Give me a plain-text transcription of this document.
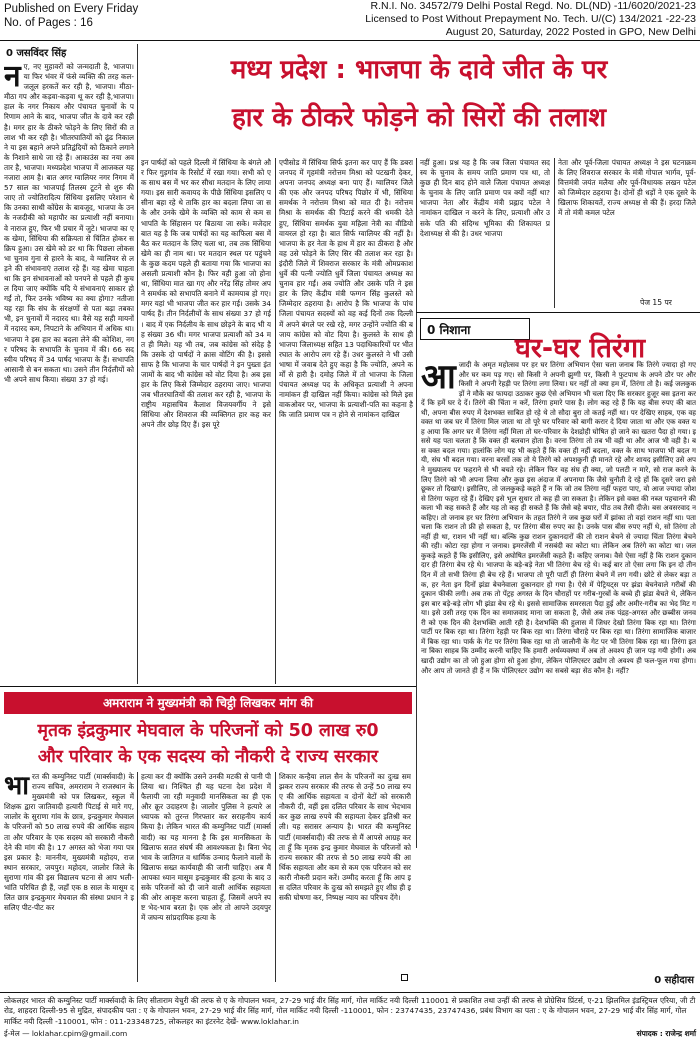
Published on Every Friday
No. of Pages : 16
R.N.I. No. 34572/79 Delhi Postal Regd. No. DL(ND) -11/6020/2021-23
Licensed to Post Without Prepayment No. Tech. U/(C) 134/2021 -22-23
August 20, Saturday, 2022 Posted in GPO, New Delhi
0 जसविंदर सिंह
मध्य प्रदेश : भाजपा के दावे जीत के पर
हार के ठीकरे फोड़ने को सिरों की तलाश
न ए, नए मुहावरों को जन्मदाती है, भाजपा। या फिर भंवर में फंसे व्यक्ति की तरह कल-जलूल हरकतें कर रही है, भाजपा। मीठा-मीठा गप और कड़वा-कड़वा थू कर रही है,भाजपा। हाल के नगर निकाय और पंचायत चुनावों के परिणाम आने के बाद, भाजपा जीत के दावे कर रही है। मगर हार के ठीकरे फोड़ने के लिए सिरों की तलाश भी कर रही है। भीतरघातियों को ढूंढ निकालने या इस बहाने अपने प्रतिद्वंदियों को ठिकाने लगाने के निशाने साधे जा रहे हैं। आकाउंस का नया अवतार है, भाजपा। मध्यप्रदेश भाजपा में आजकल यह नजारा आम है। बात अगर ग्वालियर नगर निगम में 57 साल का भाजपाई तिलस्म टूटने से शुरु की जाए तो ज्योतिरादित्य सिंधिया इसलिए परेशान थे कि उनका साथी कोंग्रेस के बावजूद, भाजपा के उनके नजदीकी को महापौर का प्रत्याशी नहीं बनाया। वे नाराज हुए, फिर भी प्रचार में जुटे। भाजपा का एक खेमा, सिंधिया की सक्रियता से चिंतित होकर सक्रिय हुआ। उस खेमे को डर था कि पिछला लोकसभा चुनाव गुना से हारने के बाद, वे ग्वालियर से लड़ने की संभावनाएं तलाश रहे हैं। यह खेमा चाहता था कि इन संभावनाओं को पनपने से पहले ही कुचल दिया जाए क्योंकि यदि ये संभावनाएं साकार हो गईं तो, फिर उनके भविष्य का क्या होगा? नतीजा यह रहा कि संघ के संरक्षणों से पता बढ़ा तबका भी, इन चुनावों में नदारद था। वैसे यह सही मायनों में नदारद कम, निपटाने के अभियान में अधिक था। भाजपा ने इस हार का बदला लेने की कोशिश, नगर परिषद के सभापति के चुनाव में की। 66 सदस्यीय परिषद में 34 पार्षद भाजपा के हैं। सभापति आसानी से बन सकता था। उसने तीन निर्दलीयों को भी अपने साथ किया। संख्या 37 हो गई।
इन पार्षदों को पहले दिल्ली में सिंधिया के बंगले और फिर गुड़गांव के रिसोर्ट में रखा गया। सभी को एक साथ बस में भर कर सीधा मतदान के लिए लाया गया। इस सारी कवायद के पीछे सिंधिया इसलिए पसीना बहा रहे थे ताकि हार का बदला लिया जा सके और उनके खेमे के व्यक्ति को काम से कम सभापति के सिंहासन पर बिठाया जा सके। मजेदार बात यह है कि जब पार्षदों का यह काफिला बस में बैठ कर मतदान के लिए चला था, तब तक सिंधिया खेमे का ही नाम था। पर मतदान स्थल पर पहुंचने के कुछ कदम पहले ही बताया गया कि भाजपा का असली प्रत्याशी कौन है। फिर वही हुआ जो होना था, सिंधिया मात खा गए और नरेंद्र सिंह तोमर अपने समर्थक को सभापति बनाने में कामयाब हो गए। मगर यहां भी भाजपा जीत कर हार गई। उसके 34 पार्षद हैं। तीन निर्दलीयों के साथ संख्या 37 हो गई। बाद में एक निर्दलीय के साथ छोड़ने के बाद भी यह संख्या 36 थी। मगर भाजपा प्रत्याशी को 34 मत ही मिले। यह भी तब, जब कांग्रेस को संदेह है कि उसके दो पार्षदों ने क्रास वोटिंग की है। इससे साफ है कि भाजपा के चार पार्षदों ने इन पुख्ता इंतजामों के बाद भी कांग्रेस को वोट दिया है। अब इस हार के लिए किसे जिम्मेदार ठहराया जाए। भाजपा जब भीतरघातियों की तलाश कर रही है, भाजपा के राष्ट्रीय महासचिव कैलाश विजयवर्गीय ने इसे सिंधिया और शिवराज की व्यक्तिगत हार कह कर अपने तीर छोड़ दिए हैं। इस पूरे
एपीसोड में सिंधिया सिर्फ इतना कर पाए हैं कि डबरा जनपद में गृहमंत्री नरोत्तम मिश्रा को पटखनी देकर, अपना जनपद अध्यक्ष बना पाए हैं। ग्वालियर जिले की एक और जनपद परिषद पिछोर में भी, सिंधिया समर्थक ने नरोत्तम मिश्रा को मात दी है। नरोत्तम मिश्रा के समर्थक की पिटाई करने की धमकी देते हुए, सिंधिया समर्थक युवा महिला नेत्री का वीडियो वायरल हो रहा है। बात सिर्फ ग्वालियर की नहीं है। भाजपा के हर नेता के हाथ में हार का ठीकरा है और वह उसे फोड़ने के लिए सिर की तलाश कर रहा है। इंदौरी जिले में शिवराज सरकार के मंत्री ओमप्रकाश धुर्वे की पत्नी ज्योति धुर्वे जिला पंचायत अध्यक्ष का चुनाव हार गईं। अब ज्योति और उसके पति ने इस हार के लिए केंद्रीय मंत्री फग्गन सिंह कुलस्ते को जिम्मेदार ठहराया है। आरोप है कि भाजपा के पांच जिला पंचायत सदस्यों को वह कई दिनों तक दिल्ली में अपने बंगले पर रखे रहे, मगर उन्होंने ज्योति की बजाय कांग्रेस को वोट दिया है। कुलस्ते के साथ ही भाजपा जिलाध्यक्ष सहित 13 पदाधिकारियों पर भीतरघात के आरोप लग रहे हैं। उधर कुलस्ते ने भी उसी भाषा में जवाब देते हुए कहा है कि ज्योति, अपने कर्मों से हारी है। दमोह जिले में तो भाजपा के जिला पंचायत अध्यक्ष पद के अधिकृत प्रत्याशी ने अपना नामांकन ही दाखिल नहीं किया। कांग्रेस को मिले इस वाकओवर पर, भाजपा के प्रत्याशी-पति का कहना है कि जाति प्रमाण पत्र न होने से नामांकन दाखिल
नहीं हुआ। प्रश्न यह है कि जब जिला पंचायत सदस्य के चुनाव के समय जाति प्रमाण पत्र था, तो कुछ ही दिन बाद होने वाले जिला पंचायत अध्यक्ष के चुनाव के लिए जाति प्रमाण पत्र क्यों नहीं था? भाजपा नेता और केंद्रीय मंत्री प्रह्लाद पटेल ने नामांकन दाखिल न करने के लिए, प्रत्याशी और उसके पति की संदिग्ध भूमिका की शिकायत प्रदेशाध्यक्ष से की है। उधर भाजपा
नेता और पूर्व-जिला पंचायत अध्यक्ष ने इस घटनाक्रम के लिए शिवराज सरकार के मंत्री गोपाल भार्गव, पूर्व-वित्तमंत्री जयंत मलैया और पूर्व-विधायक लखन पटेल को जिम्मेदार ठहराया है। दोनों ही धड़ों ने एक दूसरे के खिलाफ शिकायतें, राज्य अध्यक्ष से की हैं। हरदा जिले में तो मंत्री कमल पटेल
पेज 15 पर
0 निशाना
घर-घर तिरंगा
आ जादी के अमृत महोत्सव पर हर घर तिरंगा अभियान ऐसा चला जनाब कि तिरंगे ज्यादा हो गए और घर कम पड़ गए। सो किसी ने अपनी झुग्गी पर, किसी ने फुटपाथ के अपने ठौर पर और किसी ने अपनी रेहड़ी पर तिरंगा लगा लिया। घर नहीं तो क्या हम में, तिरंगा तो है। कई जलकुकड़ों ने मौके का फायदा उठाकर कुछ ऐसे अभियान भी चला दिए कि सरकार हुजूर बस इतना कर दें कि हमें घर दे दें। तिरंगे की चिंता न करें, तिरंगा हमारे पास है। लोग कह रहे हैं कि यह बीस रुपए की बात थी, अपना बीस रुपए में देशभक्त साबित हो रहे थे तो सौदा बुरा तो कतई नहीं था। पर देखिए साहब, एक वह वक्त था जब घर में तिरंगा मिल जाता था तो पूरे घर परिवार को बागी करार दे दिया जाता था और एक वक्त यह आया कि अगर घर में तिरंगा नहीं मिला तो घर-परिवार के देशद्रोही घोषित हो जाने का खतरा पैदा हो गया। इससे यह पता चलता है कि वक्त ही बलवान होता है। वरना तिरंगा तो तब भी वही था और आज भी वही है। बस वक्त बदल गया। हालांकि लोग यह भी कहते हैं कि वक्त ही नहीं बदला, वक्त के साथ भाजपा भी बदल गयी, संघ भी बदल गया। वरना बरसों तक तो ये तिरंगे को अपशकुनी ही मानते रहे और शायद इसीलिए उसे अपने मुख्यालय पर फहराने से भी बचते रहे। लेकिन फिर वह संघ ही क्या, जो पलटी न मारे, सो राज करने के लिए तिरंगे को भी अपना लिया और कुछ इस अंदाज में अपनाया कि जैसे चुनौती दे रहे हों कि दूसरे जरा इसे छूकर तो दिखाएं। इसीलिए, तो जलकुकड़े कहते हैं न कि जो तब तिरंगा नहीं फहरा पाए, वो आज ज्यादा जोश से तिरंगा फहरा रहे हैं। देखिए इसे भूल सुधार तो कह ही जा सकता है। लेकिन इसे वक्त की नब्ज पहचानने की कला भी कह सकते हैं और यह तो कह ही सकते हैं कि जैसे बहे बयार, पीठ तब तैसी दीजे। बस अवसरवाद न कहिए। तो जनाब हर घर तिरंगा अभियान के तहत तिरंगे ने जब कुछ घरों में झांका तो वहां राशन नहीं था। पता चला कि राशन तो फ्री हो सकता है, पर तिरंगा बीस रुपए का है। उनके पास बीस रुपए नहीं थे, सो तिरंगा तो नहीं ही था, राशन भी नहीं था। बल्कि कुछ राशन दुकानदारों की तो राशन बेचने से ज्यादा चिंता तिरंगा बेचने की रही। कोटा रहा होगा न जनाब। इमरजेंसी में नसबंदी का कोटा था। लेकिन अब तिरंगे का कोटा था। जलकुकड़े कहते हैं कि इसीलिए, इसे अघोषित इमरजेंसी कहते हैं। कहिए जनाब। वैसे ऐसा नहीं है कि राशन दुकानदार ही तिरंगा बेच रहे थे। भाजपा के बड़े-बड़े नेता भी तिरंगा बेच रहे थे। कई बार तो ऐसा लगा कि इन दो तीन दिन में तो सभी तिरंगा ही बेच रहे हैं। भाजपा तो पूरी पार्टी ही तिरंगा बेचने में लग गयी। छोटे से लेकर बड़ा तक, हर नेता इन दिनों झंडा बेचनेवाला दुकानदार हो गया है। ऐसे में पेट्रियट्स पर झंडा बेचनेवाले गरीबों की दुकान फीकी लगी। अब तक तो पेंट्रह अगस्त के दिन चौराहों पर गरीब-गुरबों के बच्चे ही झंडा बेचते थे, लेकिन इस बार बड़े-बड़े लोग भी झंडा बेच रहे थे। इससे सामाजिक समरसता पैदा हुई और अमीर-गरीब का भेद मिट गया। इसे उसी तरह एक दिन का समाजवाद माना जा सकता है, जैसे अब तक पंद्रह-अगस्त और छब्बीस जनवरी को एक दिन की देशभक्ति आती रही है। देशभक्ति की हुलास में जिधर देखो तिरंगा बिक रहा था। तिरंगा पार्टी पर बिक रहा था। तिरंगा रेहड़ी पर बिक रहा था। तिरंगा चौराहे पर बिक रहा था। तिरंगा सामाजिक बाजार में बिक रहा था। पार्क के गेट पर तिरंगा बिक रहा था तो जालौनी के गेट पर भी तिरंगा बिक रहा था। तिरंगा इतना बिका साहब कि उम्मीद करनी चाहिए कि हमारी अर्थव्यवस्था में अब तो अवश्य ही जान पड़ गयी होगी। अब खादी उद्योग का तो जो हुआ होगा सो हुआ होगा, लेकिन पोलिएस्टर उद्योग तो अवश्य ही फल-फूल गया होगा। और आप तो जानते ही हैं न कि पोलिएस्टर उद्योग का सबसे बड़ा सेठ कौन है। नहीं?
0 सहीदास
अमराराम ने मुख्यमंत्री को चिट्ठी लिखकर मांग की
मृतक इंद्रकुमार मेघवाल के परिजनों को 50 लाख रु0
और परिवार के एक सदस्य को नौकरी दे राज्य सरकार
भा रत की कम्युनिस्ट पार्टी (मार्क्सवादी) के राज्य सचिव, अमराराम ने राजस्थान के मुख्यमंत्री को पत्र लिखकर, स्कूल में शिक्षक द्वारा जातिवादी हत्यारी पिटाई से मारे गए, जालोर के सुराणा गांव के छात्र, इन्द्रकुमार मेघवाल के परिजनों को 50 लाख रुपये की आर्थिक सहायता और परिवार के एक सदस्य को सरकारी नौकरी देने की मांग की है। 17 अगस्त को भेजा गया पत्र इस प्रकार है: माननीय, मुख्यमंत्री महोदय, राजस्थान सरकार, जयपुर। महोदय, जालोर जिले के सुराणा गांव की इस विद्यालय घटना से आप भली-भांति परिचित ही हैं, जहाँ एक 8 साल के मासूम दलित छात्र इन्द्रकुमार मेघवाल की संस्था प्रधान ने इसलिए पीट-पीट कर
हत्या कर दी क्योंकि उसने उनकी मटकी से पानी पी लिया था। निश्चित ही यह घटना देश प्रदेश में फैलायी जा रही मनुवादी मानसिकता का ही एक और क्रूर उदाहरण है। जालोर पुलिस ने हत्यारे अध्यापक को तुरन्त गिरफ्तार कर सराहनीय कार्य किया है। लेकिन भारत की कम्युनिस्ट पार्टी (मार्क्सवादी) का यह मानना है कि इस मानसिकता के खिलाफ सतत संघर्ष की आवश्यकता है। बिना भेदभाव के जातिगत व धार्मिक उन्माद फैलाने वालों के खिलाफ सख्त कार्यवाही की जानी चाहिए। अब मैं आपका ध्यान मासूम इन्द्रकुमार की हत्या के बाद उसके परिजनों को दी जाने वाली आर्थिक सहायता की ओर आकृष्ट करना चाहता हूँ, जिसमें अपने स्पष्ट भेद-भाव बरता है। एक ओर तो आपने उदयपुर में जघन्य सांप्रदायिक हत्या के
शिकार कन्हैया लाल सैन के परिजनों का दुःख समझकर राज्य सरकार की तरफ से उन्हें 50 लाख रुपए की आर्थिक सहायता व दोनों बेटों को सरकारी नौकरी दी, वहीं इस दलित परिवार के साथ भेदभाव कर कुछ लाख रुपये की सहायता देकर इतिश्री कर ली। यह सरासर अन्याय है। भारत की कम्युनिस्ट पार्टी (मार्क्सवादी) की तरफ से मैं आपसे आग्रह करता हूँ कि मृतक इन्द्र कुमार मेघवाल के परिजनों को राज्य सरकार की तरफ से 50 लाख रुपये की आर्थिक सहायता और कम से कम एक परिजन को सरकारी नौकरी प्रदान करें। उम्मीद करता हूँ कि आप इस दलित परिवार के दुःख को समझते हुए शीघ्र ही इसकी घोषणा कर, निष्पक्ष न्याय का परिचय देंगे।
लोकलहर भारत की कम्युनिस्ट पार्टी मार्क्सवादी के लिए सीताराम येचुरी की तरफ से ए के गोपालन भवन, 27-29 भाई वीर सिंह मार्ग, गोल मार्किट नयी दिल्ली 110001 से प्रकाशित तथा उन्हीं की तरफ से प्रोग्रेसिव प्रिंटर्स, ए-21 झिलमिल इंडस्ट्रियल एरिया, जी टी रोड, शाहदरा दिल्ली-95 से मुद्रित, संपादकीय पता : ए के गोपालन भवन, 27-29 भाई वीर सिंह मार्ग, गोल मार्किट नयी दिल्ली -110001, फोन : 23747435, 23747436, प्रबंध विभाग का पता : ए के गोपालन भवन, 27-29 भाई वीर सिंह मार्ग, गोल मार्किट नयी दिल्ली -110001, फोन : 011-23348725, लोकलहर का इंटरनेट देखें- www.loklahar.in
ई-मेल — loklahar.cpim@gmail.com	संपादक : राजेन्द्र शर्मा
